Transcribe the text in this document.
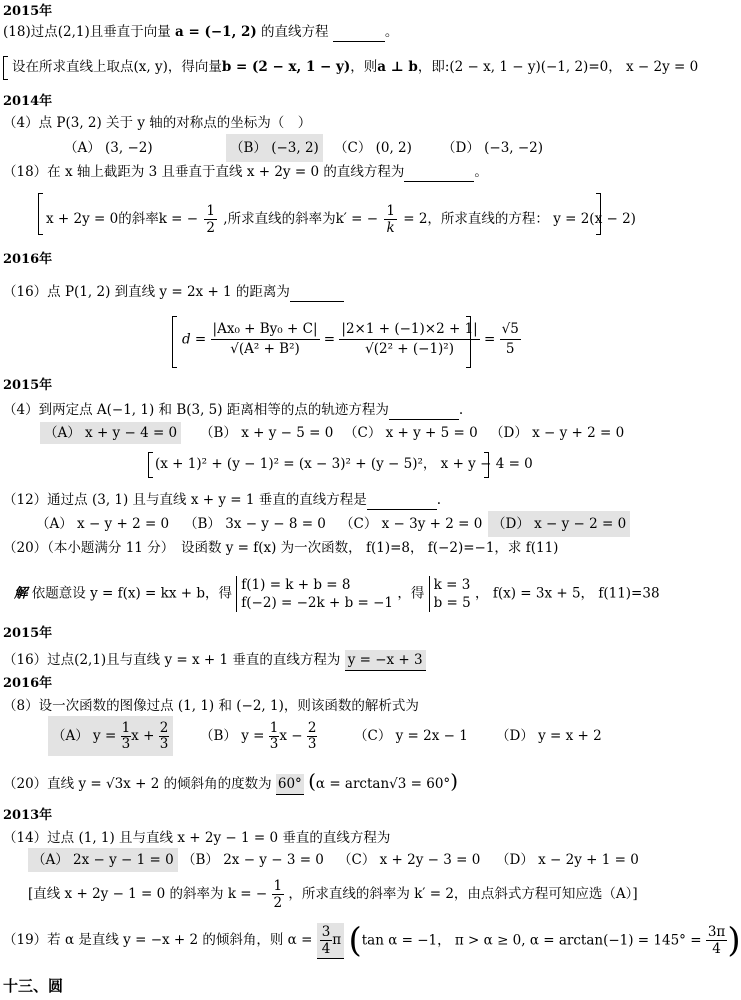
2015年
(18)过点(2,1)且垂直于向量 a = (−1, 2) 的直线方程	。
设在所求直线上取点(x, y)，得向量b = (2 − x, 1 − y)，则a ⊥ b，即:(2 − x, 1 − y)(−1, 2)=0， x − 2y = 0
2014年
（4）点 P(3, 2) 关于 y 轴的对称点的坐标为（　）
（A） (3, −2)	（B） (−3, 2) （C） (0, 2) （D） (−3, −2)
（18）在 x 轴上截距为 3 且垂直于直线 x + 2y = 0 的直线方程为	。
x + 2y = 0的斜率k = − $\frac{1}{2}$ ,所求直线的斜率为k′ = − $\frac{1}{k} = 2$，所求直线的方程： y = 2(x − 2)
2016年
（16）点 P(1, 2) 到直线 y = 2x + 1 的距离为
$d = \frac{\text{|Ax₀ + By₀ + C|}}{\text{√(A² + B²)}} = \frac{|2\times 1 + (-1)\times 2 + 1|}{\text{√(2² + (−1)²)}} = \frac{√5}{5}$
2015年
（4）到两定点 A(−1, 1) 和 B(3, 5) 距离相等的点的轨迹方程为	.
（A） x + y − 4 = 0 （B） x + y − 5 = 0 （C） x + y + 5 = 0 （D） x − y + 2 = 0
(x + 1)² + (y − 1)² = (x − 3)² + (y − 5)²， x + y − 4 = 0
（12）通过点 (3, 1) 且与直线 x + y = 1 垂直的直线方程是	.
（A） x − y + 2 = 0 （B） 3x − y − 8 = 0 （C） x − 3y + 2 = 0 （D） x − y − 2 = 0
（20）（本小题满分 11 分）　设函数 y = f(x) 为一次函数， f(1)=8， f(−2)=−1，求 f(11)
解 依题意设 y = f(x) = kx + b，得
f(1) = k + b = 8
f(−2) = −2k + b = −1
，得
k = 3
b = 5
， f(x) = 3x + 5， f(11)=38
2015年
（16）过点(2,1)且与直线 y = x + 1 垂直的直线方程为 y = −x + 3
2016年
（8）设一次函数的图像过点 (1, 1) 和 (−2, 1)，则该函数的解析式为
（A） $y = \frac{1}{3}$ $x + \frac{2}{3} (B) y = \frac{1}{3}$ $x - \frac{2}{3}$	（C） y = 2x − 1 （D） y = x + 2
（20）直线 y = √3x + 2 的倾斜角的度数为 60° (α = arctan√3 = 60°)
2013年
（14）过点 (1, 1) 且与直线 x + 2y − 1 = 0 垂直的直线方程为
（A） 2x − y − 1 = 0 （B） 2x − y − 3 = 0 （C） x + 2y − 3 = 0 （D） x − 2y + 1 = 0
[直线 x + 2y − 1 = 0 的斜率为 k = − $\frac{1}{2}$ ，所求直线的斜率为 k′ = 2，由点斜式方程可知应选（A）]
（19）若 α 是直线 y = −x + 2 的倾斜角，则 $\alpha = \frac{3}{4}$ π (tan α = −1， π > α ≥ 0, $\alpha = \arctan(-1) = 145^\circ = \frac{3\pi}{4}$ )
十三、圆
